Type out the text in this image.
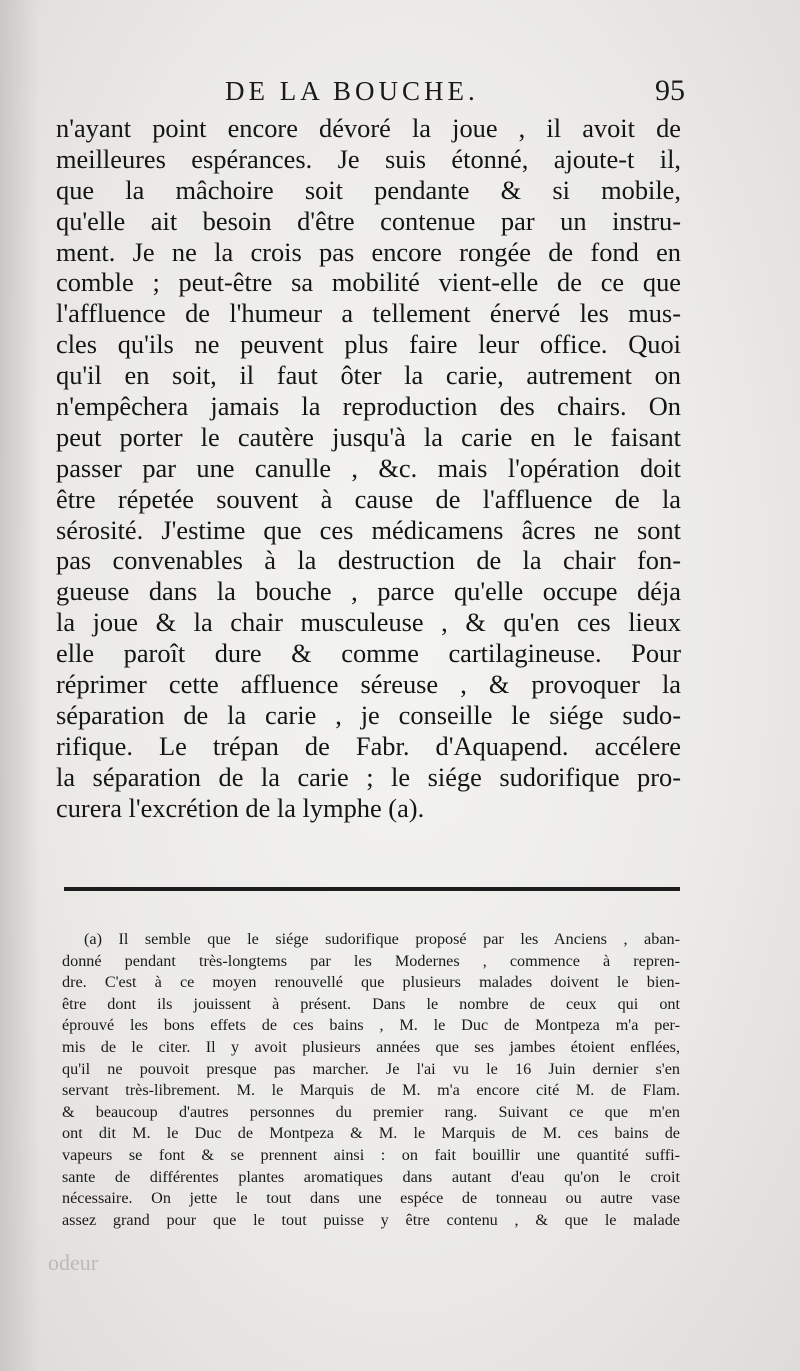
DE LA BOUCHE.	95
n'ayant point encore dévoré la joue , il avoit de
meilleures espérances. Je suis étonné, ajoute-t il,
que la mâchoire soit pendante & si mobile,
qu'elle ait besoin d'être contenue par un instru-
ment. Je ne la crois pas encore rongée de fond en
comble ; peut-être sa mobilité vient-elle de ce que
l'affluence de l'humeur a tellement énervé les mus-
cles qu'ils ne peuvent plus faire leur office. Quoi
qu'il en soit, il faut ôter la carie, autrement on
n'empêchera jamais la reproduction des chairs. On
peut porter le cautère jusqu'à la carie en le faisant
passer par une canulle , &c. mais l'opération doit
être répetée souvent à cause de l'affluence de la
sérosité. J'estime que ces médicamens âcres ne sont
pas convenables à la destruction de la chair fon-
gueuse dans la bouche , parce qu'elle occupe déja
la joue & la chair musculeuse , & qu'en ces lieux
elle paroît dure & comme cartilagineuse. Pour
réprimer cette affluence séreuse , & provoquer la
séparation de la carie , je conseille le siége sudo-
rifique. Le trépan de Fabr. d'Aquapend. accélere
la séparation de la carie ; le siége sudorifique pro-
curera l'excrétion de la lymphe (a).
(a) Il semble que le siége sudorifique proposé par les Anciens , aban-
donné pendant très-longtems par les Modernes , commence à repren-
dre. C'est à ce moyen renouvellé que plusieurs malades doivent le bien-
être dont ils jouissent à présent. Dans le nombre de ceux qui ont
éprouvé les bons effets de ces bains , M. le Duc de Montpeza m'a per-
mis de le citer. Il y avoit plusieurs années que ses jambes étoient enflées,
qu'il ne pouvoit presque pas marcher. Je l'ai vu le 16 Juin dernier s'en
servant très-librement. M. le Marquis de M. m'a encore cité M. de Flam.
& beaucoup d'autres personnes du premier rang. Suivant ce que m'en
ont dit M. le Duc de Montpeza & M. le Marquis de M. ces bains de
vapeurs se font & se prennent ainsi : on fait bouillir une quantité suffi-
sante de différentes plantes aromatiques dans autant d'eau qu'on le croit
nécessaire. On jette le tout dans une espéce de tonneau ou autre vase
assez grand pour que le tout puisse y être contenu , & que le malade
odeur
